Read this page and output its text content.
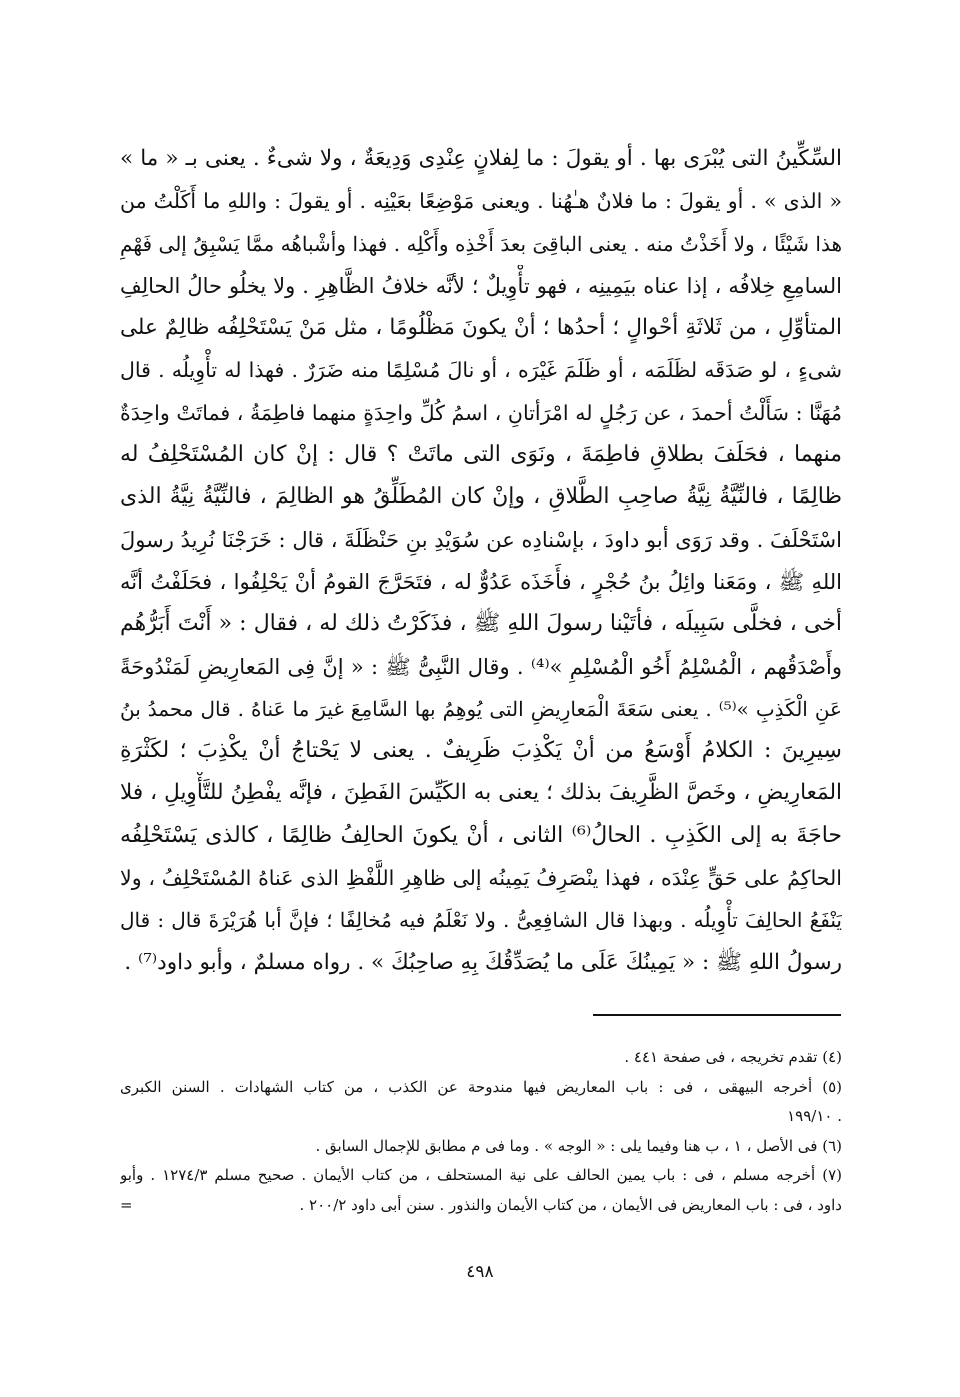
السِّكِّينُ التى يُبْرَى بها . أو يقولَ : ما لِفلانٍ عِنْدِى وَدِيعَةٌ ، ولا شىءٌ . يعنى بـ « ما »
« الذى » . أو يقولَ : ما فلانٌ هـٰهُنا . ويعنى مَوْضِعًا بعَيْنِه . أو يقولَ : واللهِ ما أَكَلْتُ من
هذا شَيْئًا ، ولا أَخَذْتُ منه . يعنى الباقِىَ بعدَ أَخْذِه وأَكْلِه . فهذا وأشْباهُه ممَّا يَسْبِقُ إلى فَهْمِ
السامِعِ خِلافُه ، إذا عناه بيَمِينِه ، فهو تأْوِيلٌ ؛ لأنَّه خلافُ الظَّاهِرِ . ولا يخلُو حالُ الحالِفِ
المتأوِّلِ ، من ثَلاثَةِ أحْوالٍ ؛ أحدُها ؛ أنْ يكونَ مَظْلُومًا ، مثل مَنْ يَسْتَحْلِفُه ظالِمٌ على
شىءٍ ، لو صَدَقَه لظَلَمَه ، أو ظَلَمَ غَيْرَه ، أو نالَ مُسْلِمًا منه ضَرَرٌ . فهذا له تأْوِيلُه . قال
مُهَنَّا : سَأَلْتُ أحمدَ ، عن رَجُلٍ له امْرَأتانِ ، اسمُ كُلِّ واحِدَةٍ منهما فاطِمَةُ ، فماتَتْ واحِدَةٌ
منهما ، فحَلَفَ بطلاقِ فاطِمَةَ ، ونَوَى التى ماتَتْ ؟ قال : إنْ كان المُسْتَحْلِفُ له
ظالِمًا ، فالنِّيَّةُ نِيَّةُ صاحِبِ الطَّلاقِ ، وإنْ كان المُطَلِّقُ هو الظالِمَ ، فالنِّيَّةُ نِيَّةُ الذى
اسْتَحْلَفَ . وقد رَوَى أبو داودَ ، بإسْنادِه عن سُوَيْدِ بنِ حَنْظَلَةَ ، قال : خَرَجْنَا نُرِيدُ رسولَ
اللهِ ﷺ ، ومَعَنا وائِلُ بنُ حُجْرٍ ، فأَخَذَه عَدُوٌّ له ، فتَحَرَّجَ القومُ أنْ يَحْلِفُوا ، فحَلَفْتُ أنَّه
أخى ، فخلَّى سَبِيلَه ، فأتَيْنا رسولَ اللهِ ﷺ ، فذَكَرْتُ ذلك له ، فقال : « أَنْتَ أَبَرُّهُم
وأَصْدَقُهم ، الْمُسْلِمُ أَخُو الْمُسْلِمِ »⁽⁴⁾ . وقال النَّبِىُّ ﷺ : « إنَّ فِى المَعارِيضِ لَمَنْدُوحَةً
عَنِ الْكَذِبِ »⁽⁵⁾ . يعنى سَعَةَ الْمَعارِيضِ التى يُوهِمُ بها السَّامِعَ غيرَ ما عَناهُ . قال محمدُ بنُ
سِيرِينَ : الكلامُ أَوْسَعُ من أنْ يَكْذِبَ ظَرِيفٌ . يعنى لا يَحْتاجُ أنْ يكْذِبَ ؛ لكَثْرَةِ
المَعارِيضِ ، وخَصَّ الظَّرِيفَ بذلك ؛ يعنى به الكَيِّسَ الفَطِنَ ، فإنَّه يفْطِنُ للتَّأْوِيلِ ، فلا
حاجَةَ به إلى الكَذِبِ . الحالُ⁽⁶⁾ الثانى ، أنْ يكونَ الحالِفُ ظالِمًا ، كالذى يَسْتَحْلِفُه
الحاكِمُ على حَقٍّ عِنْدَه ، فهذا ينْصَرِفُ يَمِينُه إلى ظاهِرِ اللَّفْظِ الذى عَناهُ المُسْتَحْلِفُ ، ولا
يَنْفَعُ الحالِفَ تأْوِيلُه . وبهذا قال الشافِعِىُّ . ولا نَعْلَمُ فيه مُخالِفًا ؛ فإنَّ أبا هُرَيْرَةَ قال : قال
رسولُ اللهِ ﷺ : « يَمِينُكَ عَلَى ما يُصَدِّقُكَ بِهِ صاحِبُكَ » . رواه مسلمٌ ، وأبو داود⁽⁷⁾ .
(٤) تقدم تخريجه ، فى صفحة ٤٤١ .
(٥) أخرجه البيهقى ، فى : باب المعاريض فيها مندوحة عن الكذب ، من كتاب الشهادات . السنن الكبرى
. ١٩٩/١٠
(٦) فى الأصل ، ١ ، ب هنا وفيما يلى : « الوجه » . وما فى م مطابق للإجمال السابق .
(٧) أخرجه مسلم ، فى : باب يمين الحالف على نية المستحلف ، من كتاب الأيمان . صحيح مسلم ١٢٧٤/٣ . وأبو
=	داود ، فى : باب المعاريض فى الأيمان ، من كتاب الأيمان والنذور . سنن أبى داود ٢٠٠/٢ .
٤٩٨
